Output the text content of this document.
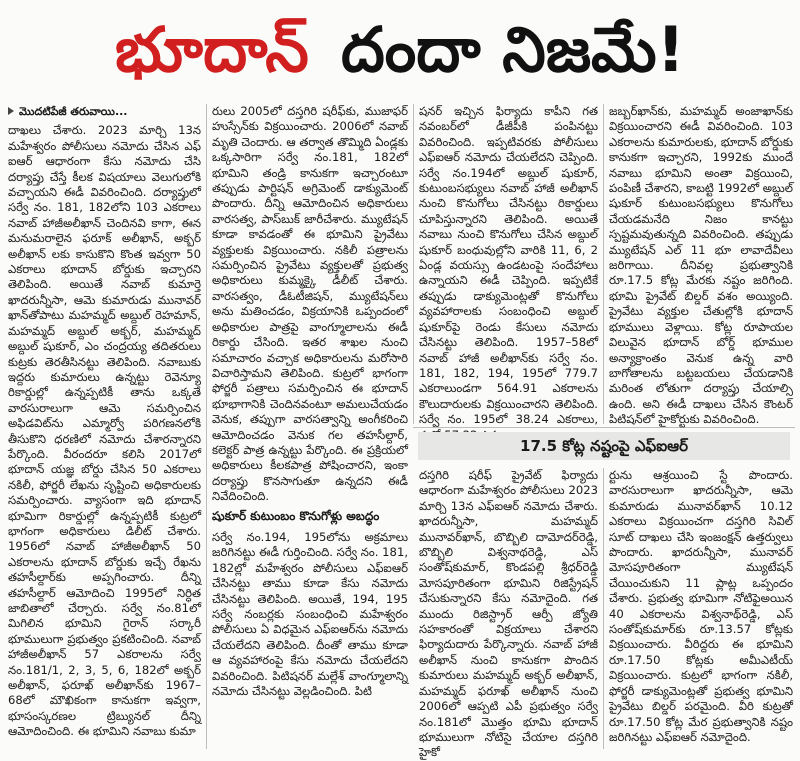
భూదాన్ దందా నిజమే!
మొదటిపేజీ తరువాయి...

దాఖలు చేశారు. 2023 మార్చి 13న మహేశ్వరం పోలీసులు నమోదు చేసిన ఎఫ్ ఐఆర్ ఆధారంగా కేసు నమోదు చేసి దర్యాప్తు చేస్తే కీలక విషయాలు వెలుగులోకి వచ్చాయని ఈడీ వివరించింది. దర్యాప్తులో సర్వే నం. 181, 182లోని 103 ఎకరాలు నవాబ్ హాజీఅలీఖాన్ చెందినవి కాగా, ఈన మనుమరాలైన ఫరూక్ అలీఖాన్, అక్బర్ అలీఖాన్ లకు కాసుకొని కొంత ఇవ్వగా 50 ఎకరాలు భూదాన్ బోర్డుకు ఇచ్చారని తెలిపింది. అయితే నవాబ్ కుమార్తె ఖాదరున్నీసా, ఆమె కుమారుడు మునావర్ ఖాన్‌తోపాటు మహమ్మద్ అబ్దుల్ రెహమాన్, మహమ్మద్ అబ్దుల్ అక్బర్, మహమ్మద్ అబ్దుల్ షుకూర్, ఎం చంద్రయ్య తదితరులు కుట్రకు తెరతీసినట్టు తెలిపింది. నవాబుకు ఇద్దరు కుమారులు ఉన్నట్టు రెవెన్యూ రికార్డుల్లో ఉన్నప్పటికీ తాను ఒక్కతే వారసురాలుగా ఆమె సమర్పించిన అఫిడవిట్‌ను ఎమ్మార్వో పరిగణనలోకి తీసుకొని ధరణిలో నమోదు చేశారన్నారని పేర్కొంది. వీరందరూ కలిసి 2017లో భూదాన్ యజ్ఞ బోర్డు చేసిన 50 ఎకరాలు నకిలీ, ఫోర్జరీ లేఖను సృష్టించి అధికారులకు సమర్పించారు. వ్యాసంగా ఇది భూదాన్ భూమిగా రికార్డుల్లో ఉన్నప్పటికీ కుట్రలో భాగంగా అధికారులు డిలీట్ చేశారు. 1956లో నవాబ్ హాజీఅలీఖాన్ 50 ఎకరాలను భూదాన్ బోర్డుకు ఇచ్చే రేఖను తహసీల్దార్‌కు అప్పగించారు. దీన్ని తహసీల్దార్ ఆమోదించి 1995లో నిర్ధిత జాబితాలో చేర్చారు. సర్వే నం.81లో మిగిలిన భూమిని గైరాన్ సర్కారీ భూములుగా ప్రభుత్వం ప్రకటించింది. నవాబ్ హాజీఅలీఖాన్ 57 ఎకరాలను సర్వే నం.181/1, 2, 3, 5, 6, 182లో అక్బర్ అలీఖాన్, ఫరూఖ్ అలీఖాన్‌కు 1967–68లో మౌఖికంగా కానుకగా ఇవ్వగా, భూసంస్కరణల ట్రిబ్యునల్ దీన్ని ఆమోదించింది. ఈ భూమిని నవాబు కుమా

రులు 2005లో దస్తగిరి షరీఫ్‌కు, ముజాఫర్ హుస్సేన్‌కు విక్రయించారు. 2006లో నవాబ్ మృతి చెందారు. ఆ తర్వాత తొమ్మిది ఏండ్లకు ఒక్కసారిగా సర్వే నం.181, 182లో భూమిని తండ్రి కానుకగా ఇచ్చారంటూ తప్పుడు పార్టిషన్ అగ్రిమెంట్ డాక్యుమెంట్ పొందారు. దీన్ని ఆమోదించిన అధికారులు వారసత్వ, పాస్‌బుక్ జారీచేశారు. మ్యుటేషన్ కూడా కావడంతో ఈ భూమిని ప్రైవేటు వ్యక్తులకు విక్రయించారు. నకిలీ పత్రాలను సమర్పించిన ప్రైవేటు వ్యక్తులతో ప్రభుత్వ అధికారులు కుమ్మక్కై డీలీట్ చేశారు. వారసత్వం, డీఓటీజిషన్, మ్యుటేషన్‌లు అను మతించడం, విక్రయానికి ఒప్పందంలో అధికారుల పాత్రపై వాంగ్మూలాలను ఈడీ రికార్డు చేసింది. ఇతర శాఖల నుంచి సమాచారం వచ్చాక అధికారులను మరోసారి విచారిస్తామని తెలిపింది. కుట్రలో భాగంగా ఫోర్జరీ పత్రాలు సమర్పించిన ఈ భూదాన్ భూభాగానికి చెందినవంటూ అమలుచేయడం వెనుక, తప్పుగా వారసత్వాన్ని అంగీకరించి ఆమోదించడం వెనుక గల తహసీల్దార్, కలెక్టర్ పాత్ర ఉన్నట్టు పేర్కొంది. ఈ ప్రక్రియలో అధికారులు కీలకపాత్ర పోషించారని, ఇంకా దర్యాప్తు కొనసాగుతూ ఉన్నదని ఈడీ నివేదించింది.

షుకూర్ కుటుంబం కొనుగోళ్లు అబద్ధం

సర్వే నం.194, 195లోను అక్రమాలు జరిగినట్టు ఈడీ గుర్తించింది. సర్వే నం. 181, 182ల్లో మహేశ్వరం పోలీసులు ఎఫ్ఐఆర్ చేసినట్టు తాము కూడా కేసు నమోదు చేసినట్టు తెలిపింది. అయితే, 194, 195 సర్వే నంబర్లకు సంబంధించి మహేశ్వరం పోలీసులు ఏ విధమైన ఎఫ్ఐఆర్‌ను నమోదు చేయలేదని తెలిపింది. దీంతో తాము కూడా ఆ వ్యవహారంపై కేసు నమోదు చేయలేదని వివరించింది. పిటిషనర్ మల్లేశ్ వాంగ్మూలాన్ని నమోదు చేసినట్టు వెల్లడించింది. పిటి

షనర్ ఇచ్చిన ఫిర్యాదు కాపీని గత నవంబర్‌లో డీజీపీకి పంపినట్టు వివరించింది. ఇప్పటివరకు పోలీసులు ఎఫ్ఐఆర్ నమోదు చేయలేదని చెప్పింది. సర్వే నం.194లో అబ్దుల్ షుకూర్, కుటుంబసభ్యులు నవాబ్ హాజీ అలీఖాన్ నుంచి కొనుగోలు చేసినట్టు రికార్డులు చూపిస్తున్నారని తెలిపింది. అయితే నవాబు నుంచి కొనుగోలు చేసిన అబ్దుల్ షుకూర్ బంధువుల్లోని వారికి 11, 6, 2 ఏండ్ల వయస్సు ఉండటంపై సందేహాలు ఉన్నాయని ఈడీ చెప్పింది. ఇప్పటికే తప్పుడు డాక్యుమెంట్లతో కొనుగోలు వ్యవహారాలకు సంబంధించి అబ్దుల్ షుకూర్‌పై రెండు కేసులు నమోదు చేసినట్టు తెలిపింది. 1957–58లో నవాబ్ హాజీ అలీఖాన్‌కు సర్వే నం. 181, 182, 194, 195లో 779.7 ఎకరాలుండగా 564.91 ఎకరాలను కౌలుదారులకు విక్రయించారని తెలిపింది. సర్వే నం. 195లో 38.24 ఎకరాలు,

జబ్బర్‌ఖాన్‌కు, మహమ్మద్ అంజాఖాన్‌కు విక్రయించారని ఈడీ వివరించింది. 103 ఎకరాలను కుమారులకు, భూదాన్ బోర్డుకు కానుకగా ఇచ్చారని, 1992కు ముందే నవాబు భూమిని అంతా విక్రయించి, పంపిణీ చేశారని, కాబట్టి 1992లో అబ్దుల్ షుకూర్ కుటుంబసభ్యులు కొనుగోలు చేయడమనేది నిజం కానట్టు స్పష్టమవుతున్నది వివరించింది. తప్పుడు మ్యుటేషన్ ఎల్ 11 భూ లావాదేవీలు జరిగాయి. దీనివల్ల ప్రభుత్వానికి రూ.17.5 కోట్ల మేరకు నష్టం జరిగింది. భూమి ప్రైవేట్ బిల్డర్ వశం అయ్యింది. ప్రైవేటు వ్యక్తుల చేతుల్లోకి భూదాన్ భూములు వెళ్లాయి. కోట్ల రూపాయల విలువైన భూదాన్ బోర్డ్ భూముల అన్యాక్రాంతం వెనుక ఉన్న వారి బాగోతాలను బట్టబయలు చేయడానికి మరింత లోతుగా దర్యాప్తు చేయాల్సి ఉంది. అని ఈడీ దాఖలు చేసిన కౌంటర్ పిటిషన్‌లో హైకోర్టుకు వివరించింది.

17.5 కోట్ల నష్టంపై ఎఫ్ఐఆర్

దస్తగిరి షరీఫ్ ప్రైవేట్ ఫిర్యాదు ఆధారంగా మహేశ్వరం పోలీసులు 2023 మార్చి 13న ఎఫ్ఐఆర్ నమోదు చేశారు. ఖాదరున్నీసా, మహమ్మద్ మునావర్‌ఖాన్, బొబ్బిలి దామోదర్‌రెడ్డి, బొబ్బిలి విశ్వనాథరెడ్డి, ఎస్ సంతోష్‌కుమార్, కొండపల్లి శ్రీధర్‌రెడ్డి మోసపూరితంగా భూమిని రిజిస్ట్రేషన్ చేసుకున్నారని కేసు నమోదైంది. గత ముందు రిజిస్ట్రార్ ఆర్పీ జ్యోతి సహకారంతో విక్రయాలు చేశారని ఫిర్యాదుదారు పేర్కొన్నారు. నవాబ్ హాజీ అలీఖాన్ నుంచి కానుకగా పొందిన కుమారులు మహమ్మద్ అక్బర్ అలీఖాన్, మహమ్మద్ ఫరూఖ్ అలీఖాన్ నుంచి 2006లో ఆప్పటి ఎపీ ప్రభుత్వం సర్వే నం.181లో మొత్తం భూమి భూదాన్ భూములుగా నోటిసై చేయాల దస్తగిరి హైకో

ర్టును ఆశ్రయించి స్టే పొందారు. వారసురాలుగా ఖాదరున్నీసా, ఆమె కుమారుడు మునావర్‌ఖాన్ 10.12 ఎకరాలు విక్రయించగా దస్తగిరి సివిల్ సూట్ దాఖలు చేసి ఇంజంక్షన్ ఉత్తర్వులు పొందారు. ఖాదరున్నీసా, మునావర్ మోసపూరితంగా మ్యుటేషన్ చేయించుకుని 11 ప్లాట్ల ఒప్పందం చేశారు. ప్రభుత్వ భూమిగా నోటిఫైఅయిన 40 ఎకరాలను విశ్వనాథ్‌రెడ్డి, ఎస్ సంతోష్‌కుమార్‌కు రూ.13.57 కోట్లకు విక్రయించారు. వీరిద్దరు ఈ భూమిని రూ.17.50 కోట్లకు అమీఎటీయ్ విక్రయించారు. కుట్రలో భాగంగా నకిలీ, ఫోర్జరీ డాక్యుమెంట్లతో ప్రభుత్వ భూమిని ప్రైవేటు బిల్డర్ పరమైంది. వీరి కుట్రతో రూ.17.50 కోట్ల మేర ప్రభుత్వానికి నష్టం జరిగినట్టు ఎఫ్ఐఆర్ నమోదైంది.
